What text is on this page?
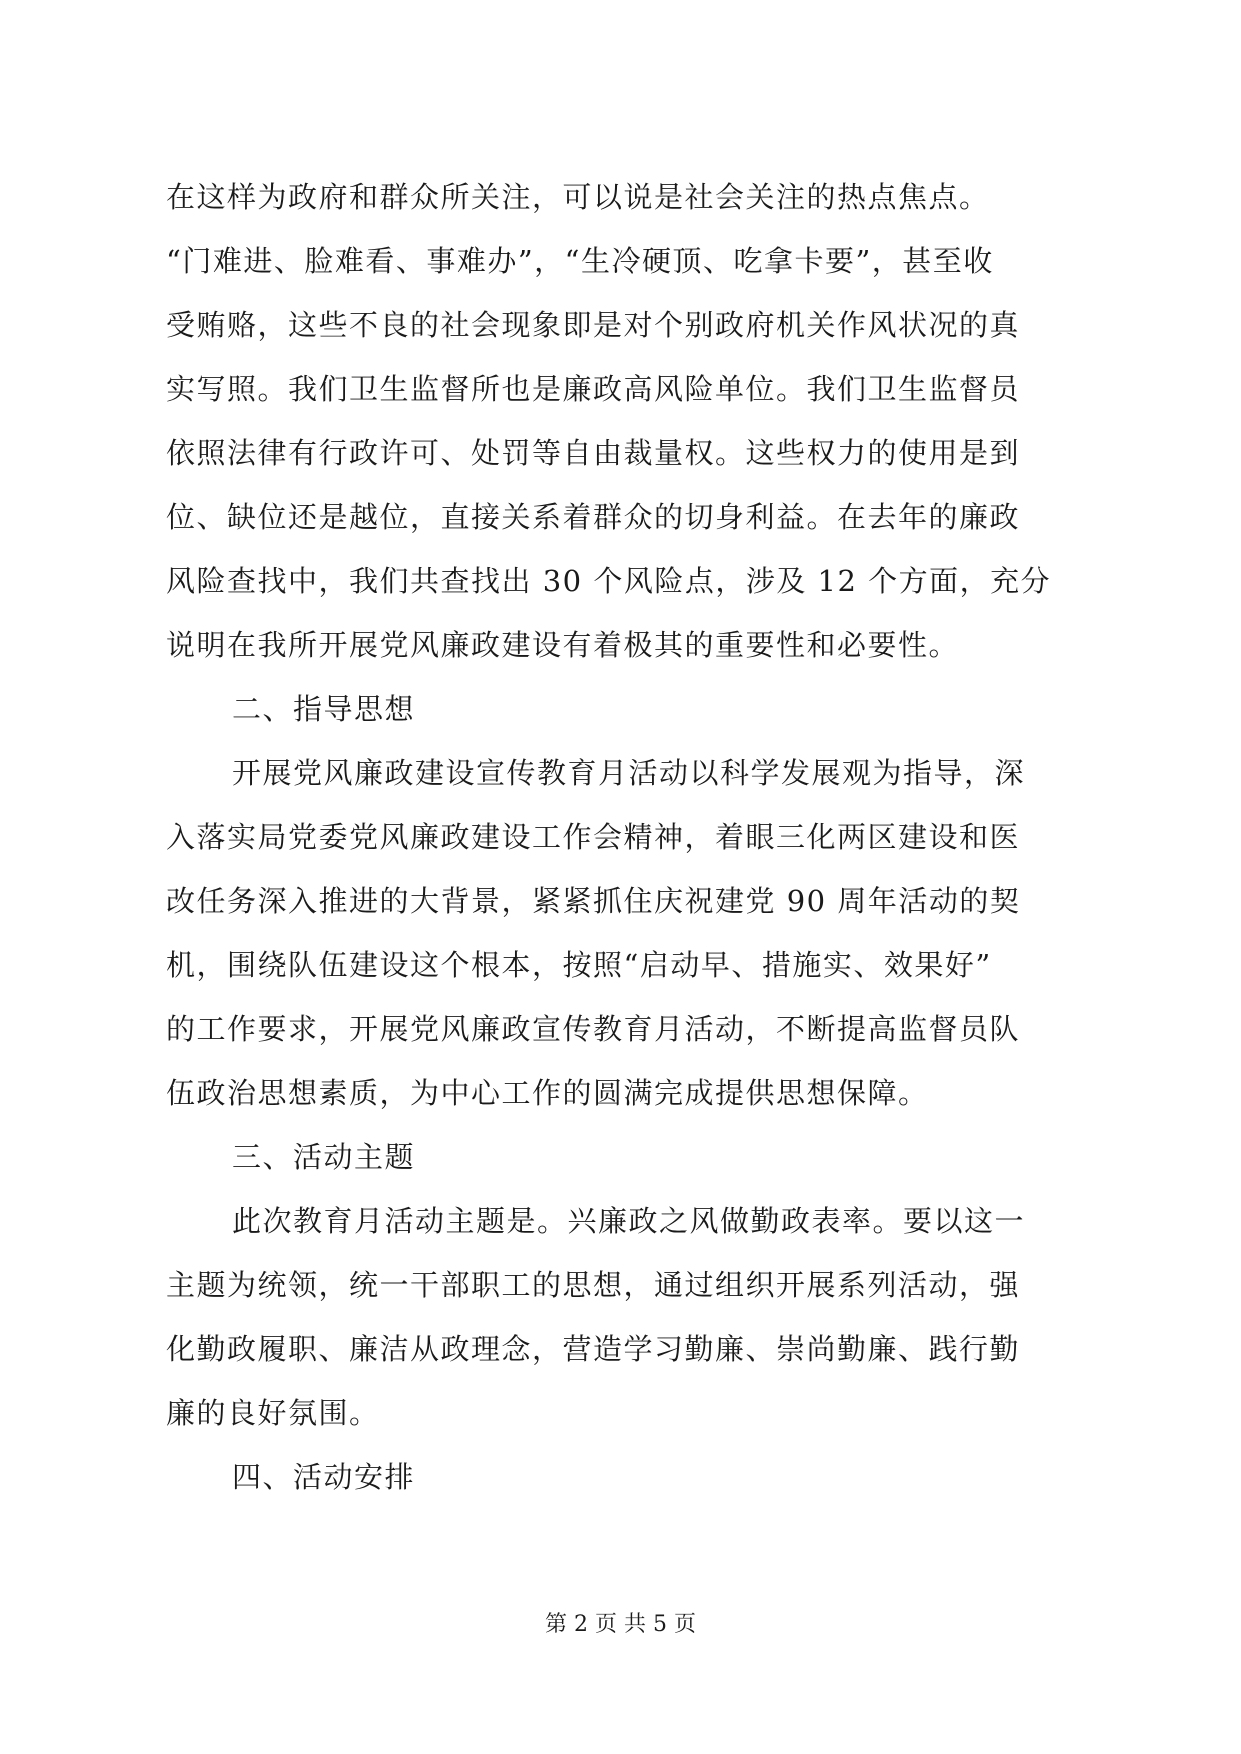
在这样为政府和群众所关注，可以说是社会关注的热点焦点。
“门难进、脸难看、事难办”，“生冷硬顶、吃拿卡要”，甚至收
受贿赂，这些不良的社会现象即是对个别政府机关作风状况的真
实写照。我们卫生监督所也是廉政高风险单位。我们卫生监督员
依照法律有行政许可、处罚等自由裁量权。这些权力的使用是到
位、缺位还是越位，直接关系着群众的切身利益。在去年的廉政
风险查找中，我们共查找出 30 个风险点，涉及 12 个方面，充分
说明在我所开展党风廉政建设有着极其的重要性和必要性。
二、指导思想
开展党风廉政建设宣传教育月活动以科学发展观为指导，深
入落实局党委党风廉政建设工作会精神，着眼三化两区建设和医
改任务深入推进的大背景，紧紧抓住庆祝建党 90 周年活动的契
机，围绕队伍建设这个根本，按照“启动早、措施实、效果好”
的工作要求，开展党风廉政宣传教育月活动，不断提高监督员队
伍政治思想素质，为中心工作的圆满完成提供思想保障。
三、活动主题
此次教育月活动主题是。兴廉政之风做勤政表率。要以这一
主题为统领，统一干部职工的思想，通过组织开展系列活动，强
化勤政履职、廉洁从政理念，营造学习勤廉、崇尚勤廉、践行勤
廉的良好氛围。
四、活动安排
第 2 页 共 5 页
